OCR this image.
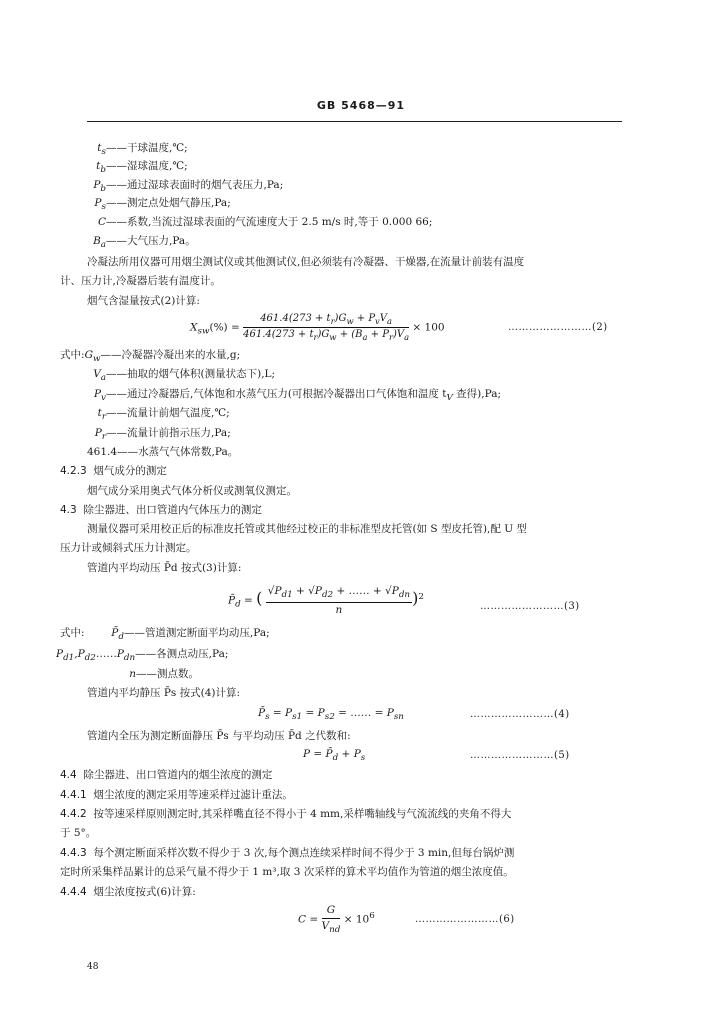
GB 5468—91
$t_s——$干球温度,℃;
$t_b——$湿球温度,℃;
$P_b——$通过湿球表面时的烟气表压力,Pa;
$P_s——$测定点处烟气静压,Pa;
C——系数,当流过湿球表面的气流速度大于 2.5 m/s 时,等于 0.000 66;
$B_a——$大气压力,Pa。
冷凝法所用仪器可用烟尘测试仪或其他测试仪,但必须装有冷凝器、干燥器,在流量计前装有温度
计、压力计,冷凝器后装有温度计。
烟气含湿量按式(2)计算:
$X_{sw}(\%) = \frac{461.4(273 + t_r)G_w + P_vV_a}{461.4(273 + t_r)G_w + (B_a + P_r)V_a} \times 100$	……………………(2)
式中$:G_w——$冷凝器冷凝出来的水量,g;
$V_a——$抽取的烟气体积(测量状态下),L;
$P_v——$通过冷凝器后,气体饱和水蒸气压力(可根据冷凝器出口气体饱和温度 $t_V$ 查得),Pa;
$t_r——$流量计前烟气温度,℃;
$P_r——$流量计前指示压力,Pa;
461.4——水蒸气气体常数,Pa。
4.2.3 烟气成分的测定
烟气成分采用奥式气体分析仪或测氧仪测定。
4.3 除尘器进、出口管道内气体压力的测定
测量仪器可采用校正后的标准皮托管或其他经过校正的非标准型皮托管(如 S 型皮托管),配 U 型
压力计或倾斜式压力计测定。
管道内平均动压 P̄d 按式(3)计算:
$P̄_d$ = ( $\frac{√P_{d1} + √P_{d2} + \dots\dots + √P_{dn}}{n} )^2$
……………………(3)
式中:	$P̄_d——$管道测定断面平均动压,Pa;
$P_{d1},P_{d2}\dots\dots P_{dn}——$各测点动压,Pa;
n——测点数。
管道内平均静压 P̄s 按式(4)计算:
$P̄_s = P_{s1} = P_{s2}$ = …… = $P_{sn}$	……………………(4)
管道内全压为测定断面静压 P̄s 与平均动压 P̄d 之代数和:
$P = P̄_d + P_s$	……………………(5)
4.4 除尘器进、出口管道内的烟尘浓度的测定
4.4.1 烟尘浓度的测定采用等速采样过滤计重法。
4.4.2 按等速采样原则测定时,其采样嘴直径不得小于 4 mm,采样嘴轴线与气流流线的夹角不得大
于 5°。
4.4.3 每个测定断面采样次数不得少于 3 次,每个测点连续采样时间不得少于 3 min,但每台锅炉测
定时所采集样品累计的总采气量不得少于 1 m³,取 3 次采样的算术平均值作为管道的烟尘浓度值。
4.4.4 烟尘浓度按式(6)计算:
$C = \frac{G}{V_{nd}} \times 10^6$	……………………(6)
48
